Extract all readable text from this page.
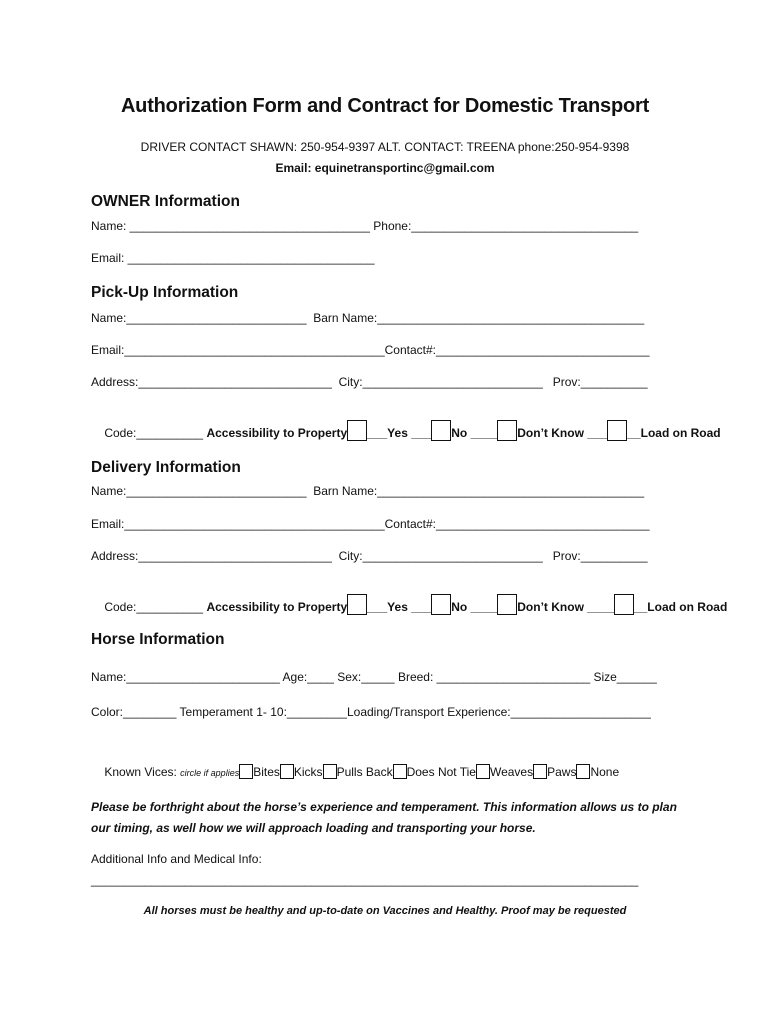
Authorization Form and Contract for Domestic Transport
DRIVER CONTACT SHAWN: 250-954-9397 ALT. CONTACT: TREENA phone:250-954-9398
Email: equinetransportinc@gmail.com
OWNER Information
Name: ____________________________________ Phone:__________________________________
Email: _____________________________________
Pick-Up Information
Name:___________________________  Barn Name:________________________________________
Email:_______________________________________Contact#:________________________________
Address:_____________________________  City:___________________________   Prov:__________

Code:__________ Accessibility to Property ___Yes ___ No ____ Don’t Know ___ __Load on Road

Delivery Information
Name:___________________________  Barn Name:________________________________________
Email:_______________________________________Contact#:________________________________
Address:_____________________________  City:___________________________   Prov:__________

Code:__________ Accessibility to Property ___Yes ___ No ____ Don’t Know ____ __Load on Road

Horse Information
Name:_______________________ Age:____ Sex:_____ Breed: _______________________ Size______
Color:________ Temperament 1- 10:_________Loading/Transport Experience:_____________________

Known Vices: circle if applies Bites Kicks Pulls Back Does Not Tie Weaves Paws None

Please be forthright about the horse’s experience and temperament. This information allows us to plan our timing, as well how we will approach loading and transporting your horse.
Additional Info and Medical Info:
__________________________________________________________________________________
All horses must be healthy and up-to-date on Vaccines and Healthy. Proof may be requested
